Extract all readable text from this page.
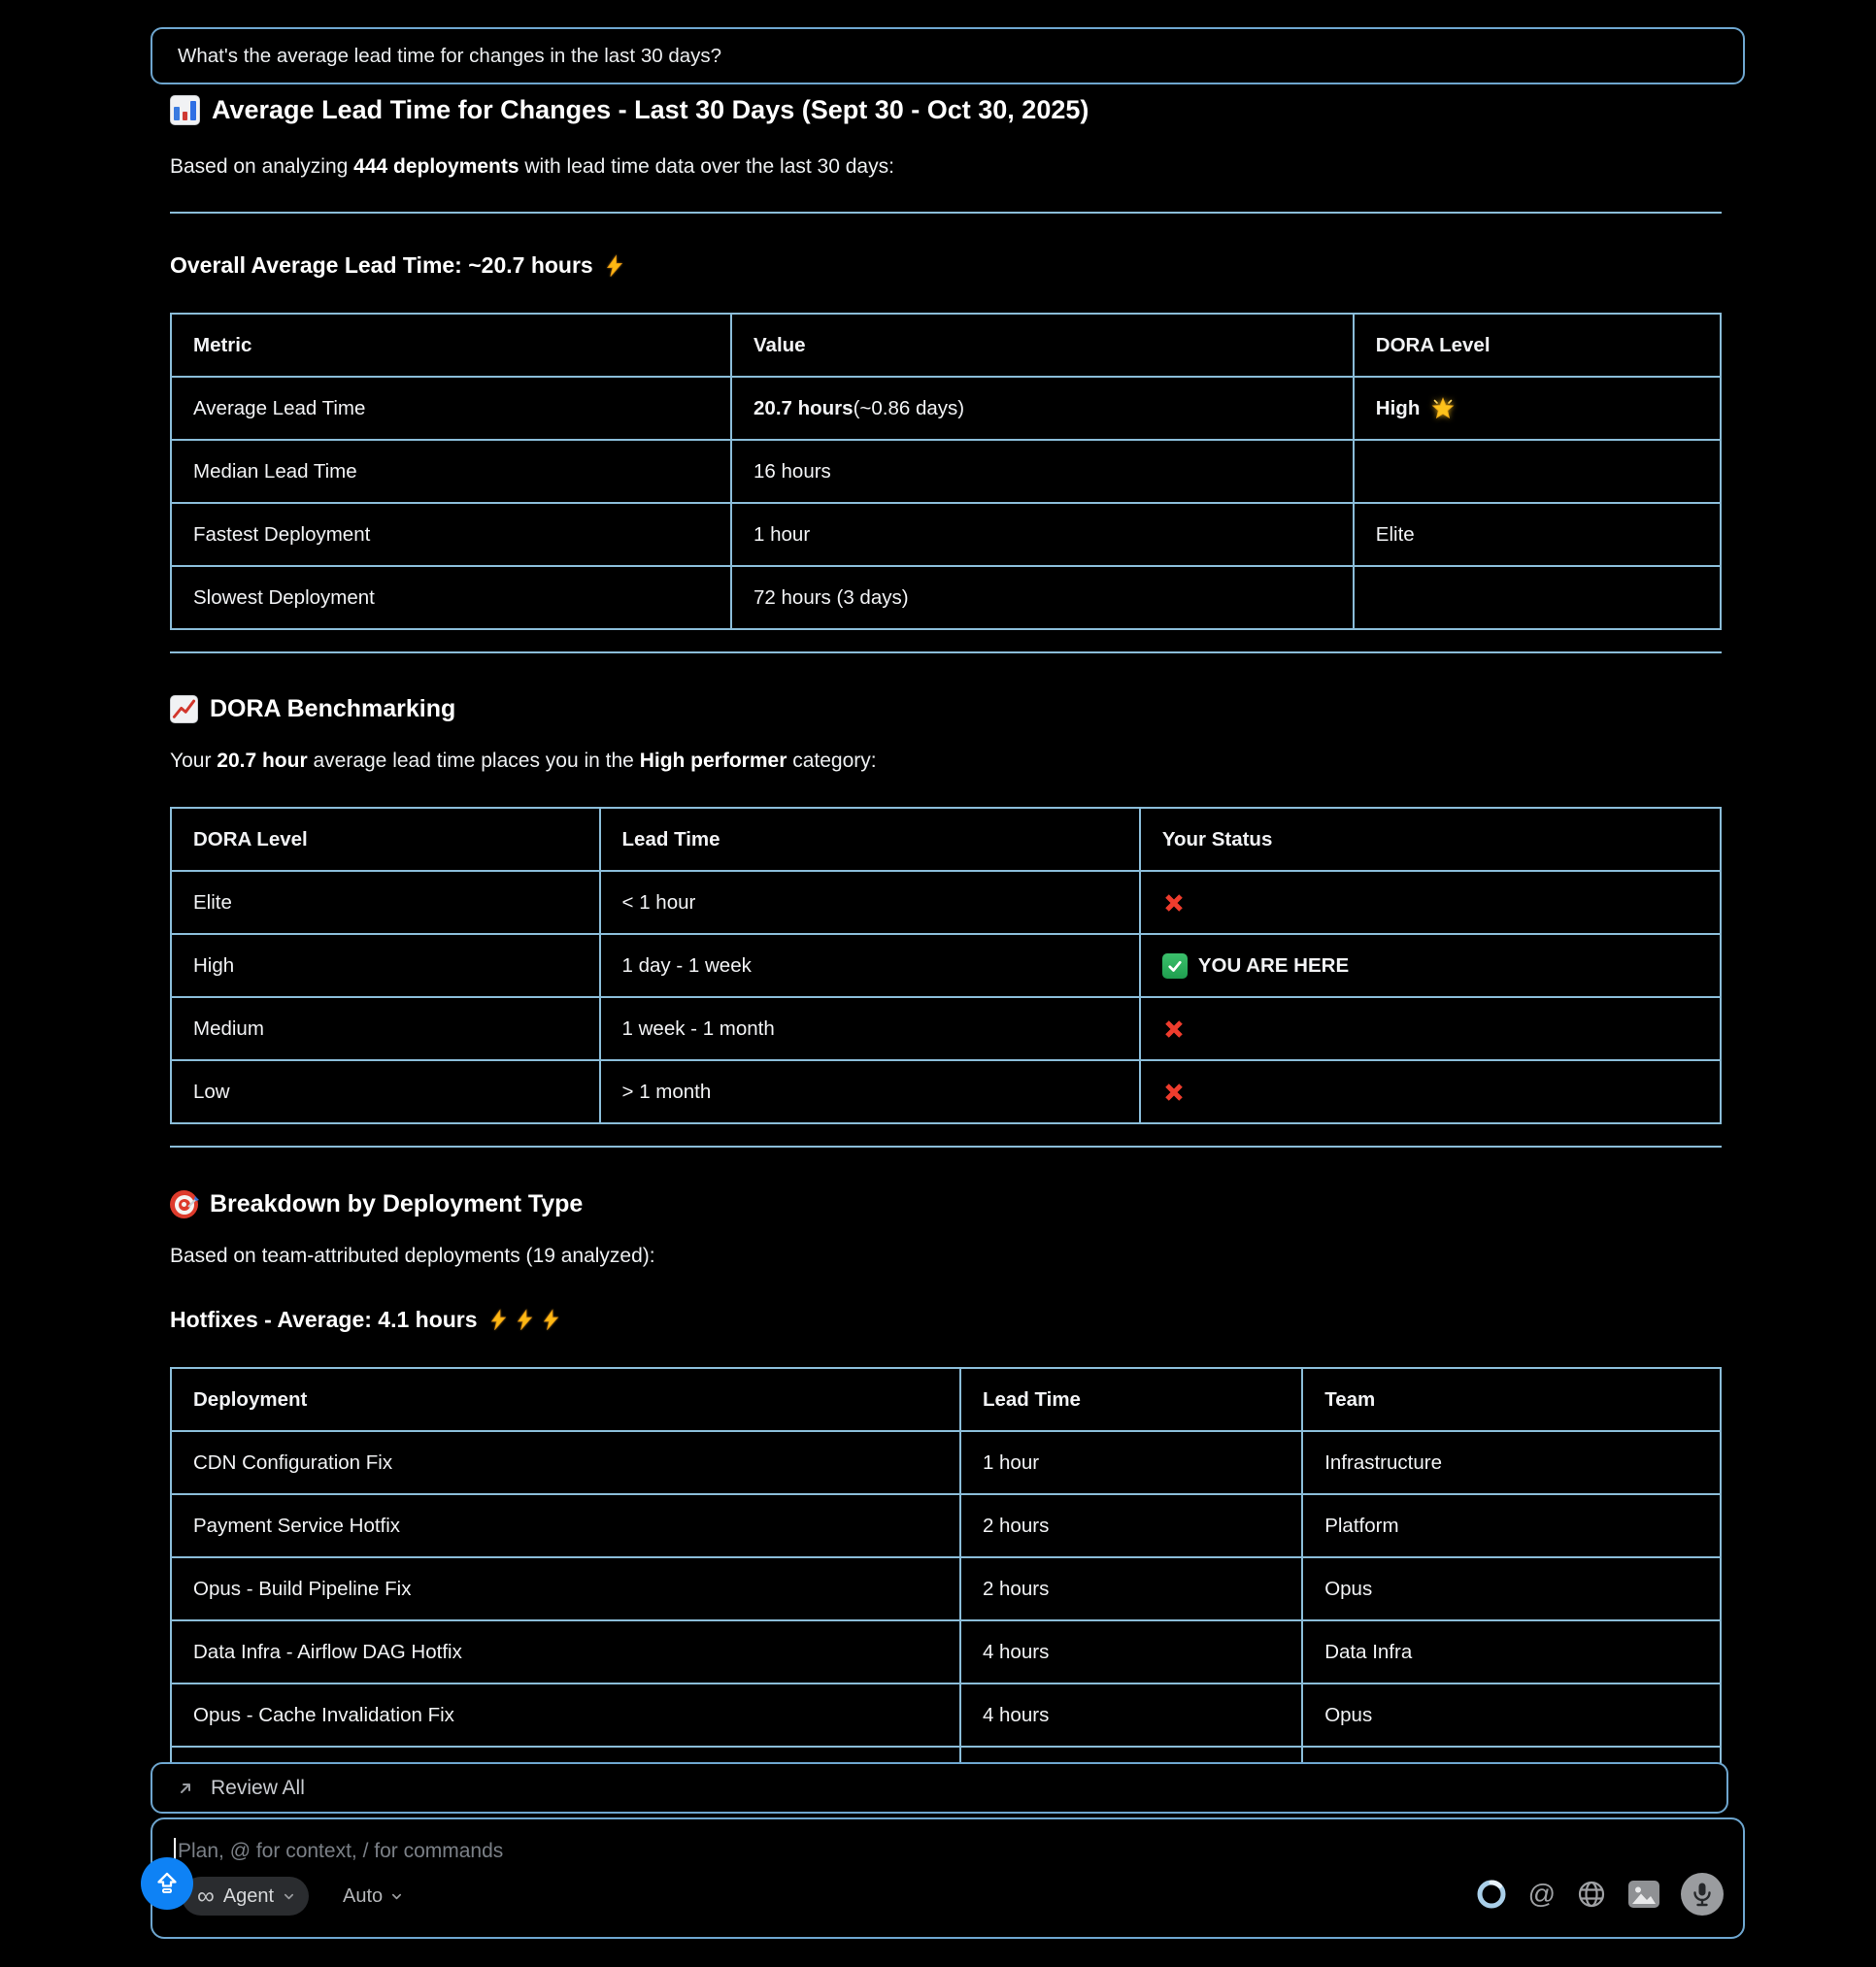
What's the average lead time for changes in the last 30 days?
Average Lead Time for Changes - Last 30 Days (Sept 30 - Oct 30, 2025)
Based on analyzing 444 deployments with lead time data over the last 30 days:
Overall Average Lead Time: ~20.7 hours
Metric	Value	DORA Level
Average Lead Time	20.7 hours (~0.86 days)	High
Median Lead Time	16 hours
Fastest Deployment	1 hour	Elite
Slowest Deployment	72 hours (3 days)
DORA Benchmarking
Your 20.7 hour average lead time places you in the High performer category:
DORA Level	Lead Time	Your Status
Elite	< 1 hour
High	1 day - 1 week	YOU ARE HERE
Medium	1 week - 1 month
Low	> 1 month
Breakdown by Deployment Type
Based on team-attributed deployments (19 analyzed):
Hotfixes - Average: 4.1 hours
Deployment	Lead Time	Team
CDN Configuration Fix	1 hour	Infrastructure
Payment Service Hotfix	2 hours	Platform
Opus - Build Pipeline Fix	2 hours	Opus
Data Infra - Airflow DAG Hotfix	4 hours	Data Infra
Opus - Cache Invalidation Fix	4 hours	Opus
Review All
Plan, @ for context, / for commands
∞ Agent	Auto	@
